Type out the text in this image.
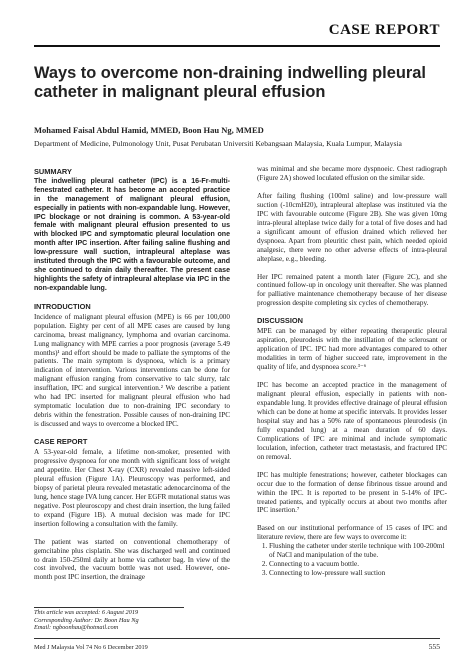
CASE REPORT
Ways to overcome non-draining indwelling pleural catheter in malignant pleural effusion
Mohamed Faisal Abdul Hamid, MMED, Boon Hau Ng, MMED
Department of Medicine, Pulmonology Unit, Pusat Perubatan Universiti Kebangsaan Malaysia, Kuala Lumpur, Malaysia
SUMMARY

The indwelling pleural catheter (IPC) is a 16-Fr-multi-fenestrated catheter. It has become an accepted practice in the management of malignant pleural effusion, especially in patients with non-expandable lung. However, IPC blockage or not draining is common. A 53-year-old female with malignant pleural effusion presented to us with blocked IPC and symptomatic pleural loculation one month after IPC insertion. After failing saline flushing and low-pressure wall suction, intrapleural alteplase was instituted through the IPC with a favourable outcome, and she continued to drain daily thereafter. The present case highlights the safety of intrapleural alteplase via IPC in the non-expandable lung.

INTRODUCTION

Incidence of malignant pleural effusion (MPE) is 66 per 100,000 population. Eighty per cent of all MPE cases are caused by lung carcinoma, breast malignancy, lymphoma and ovarian carcinoma. Lung malignancy with MPE carries a poor prognosis (average 5.49 months)¹ and effort should be made to palliate the symptoms of the patients. The main symptom is dyspnoea, which is a primary indication of intervention. Various interventions can be done for malignant effusion ranging from conservative to talc slurry, talc insufflation, IPC and surgical intervention.² We describe a patient who had IPC inserted for malignant pleural effusion who had symptomatic loculation due to non-draining IPC secondary to debris within the fenestration. Possible causes of non-draining IPC is discussed and ways to overcome a blocked IPC.

CASE REPORT

A 53-year-old female, a lifetime non-smoker, presented with progressive dyspnoea for one month with significant loss of weight and appetite. Her Chest X-ray (CXR) revealed massive left-sided pleural effusion (Figure 1A). Pleuroscopy was performed, and biopsy of parietal pleura revealed metastatic adenocarcinoma of the lung, hence stage IVA lung cancer. Her EGFR mutational status was negative. Post pleuroscopy and chest drain insertion, the lung failed to expand (Figure 1B). A mutual decision was made for IPC insertion following a consultation with the family.

The patient was started on conventional chemotherapy of gemcitabine plus cisplatin. She was discharged well and continued to drain 150-250ml daily at home via catheter bag. In view of the cost involved, the vacuum bottle was not used. However, one-month post IPC insertion, the drainage

was minimal and she became more dyspnoeic. Chest radiograph (Figure 2A) showed loculated effusion on the similar side.

After failing flushing (100ml saline) and low-pressure wall suction (-10cmH20), intrapleural alteplase was instituted via the IPC with favourable outcome (Figure 2B). She was given 10mg intra-pleural alteplase twice daily for a total of five doses and had a significant amount of effusion drained which relieved her dyspnoea. Apart from pleuritic chest pain, which needed opioid analgesic, there were no other adverse effects of intra-pleural alteplase, e.g., bleeding.

Her IPC remained patent a month later (Figure 2C), and she continued follow-up in oncology unit thereafter. She was planned for palliative maintenance chemotherapy because of her disease progression despite completing six cycles of chemotherapy.

DISCUSSION

MPE can be managed by either repeating therapeutic pleural aspiration, pleurodesis with the instillation of the sclerosant or application of IPC. IPC had more advantages compared to other modalities in term of higher succeed rate, improvement in the quality of life, and dyspnoea score.³⁻⁶

IPC has become an accepted practice in the management of malignant pleural effusion, especially in patients with non-expandable lung. It provides effective drainage of pleural effusion which can be done at home at specific intervals. It provides lesser hospital stay and has a 50% rate of spontaneous pleurodesis (in fully expanded lung) at a mean duration of 60 days. Complications of IPC are minimal and include symptomatic loculation, infection, catheter tract metastasis, and fractured IPC on removal.

IPC has multiple fenestrations; however, catheter blockages can occur due to the formation of dense fibrinous tissue around and within the IPC. It is reported to be present in 5-14% of IPC-treated patients, and typically occurs at about two months after IPC insertion.⁷

Based on our institutional performance of 15 cases of IPC and literature review, there are few ways to overcome it:

1. Flushing the catheter under sterile technique with 100-200ml of NaCl and manipulation of the tube.
2. Connecting to a vacuum bottle.
3. Connecting to low-pressure wall suction
This article was accepted: 6 August 2019
Corresponding Author: Dr. Boon Hau Ng
Email: ngboonhau@hotmail.com
Med J Malaysia Vol 74 No 6 December 2019	555
